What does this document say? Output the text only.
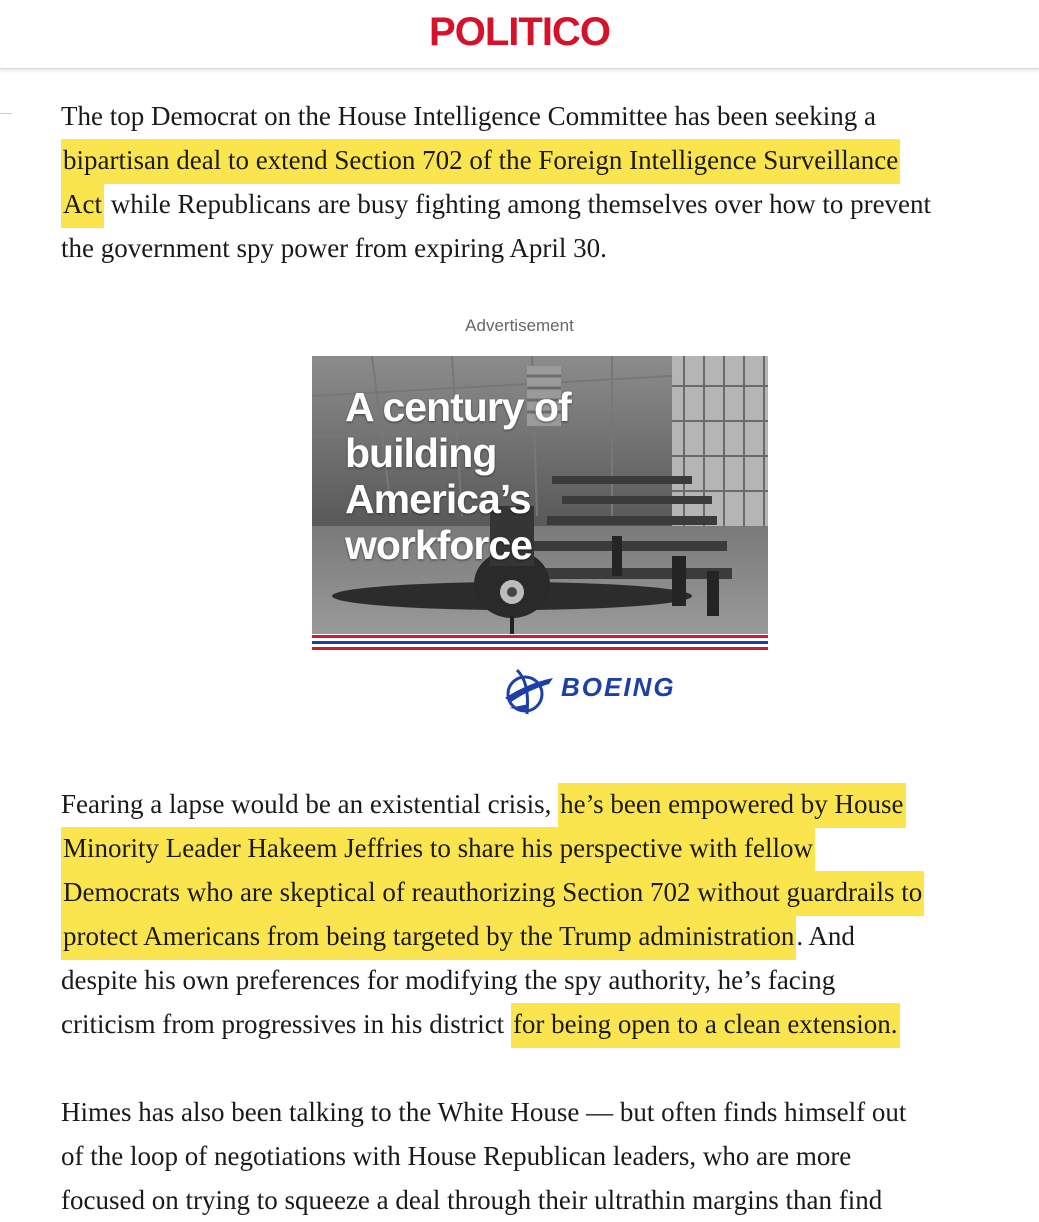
POLITICO
The top Democrat on the House Intelligence Committee has been seeking a
bipartisan deal to extend Section 702 of the Foreign Intelligence Surveillance
Act while Republicans are busy fighting among themselves over how to prevent
the government spy power from expiring April 30.
Advertisement
A century of
building
America’s
workforce
BOEING
Fearing a lapse would be an existential crisis, he’s been empowered by House
Minority Leader Hakeem Jeffries to share his perspective with fellow
Democrats who are skeptical of reauthorizing Section 702 without guardrails to
protect Americans from being targeted by the Trump administration. And
despite his own preferences for modifying the spy authority, he’s facing
criticism from progressives in his district for being open to a clean extension.
Himes has also been talking to the White House — but often finds himself out
of the loop of negotiations with House Republican leaders, who are more
focused on trying to squeeze a deal through their ultrathin margins than find
